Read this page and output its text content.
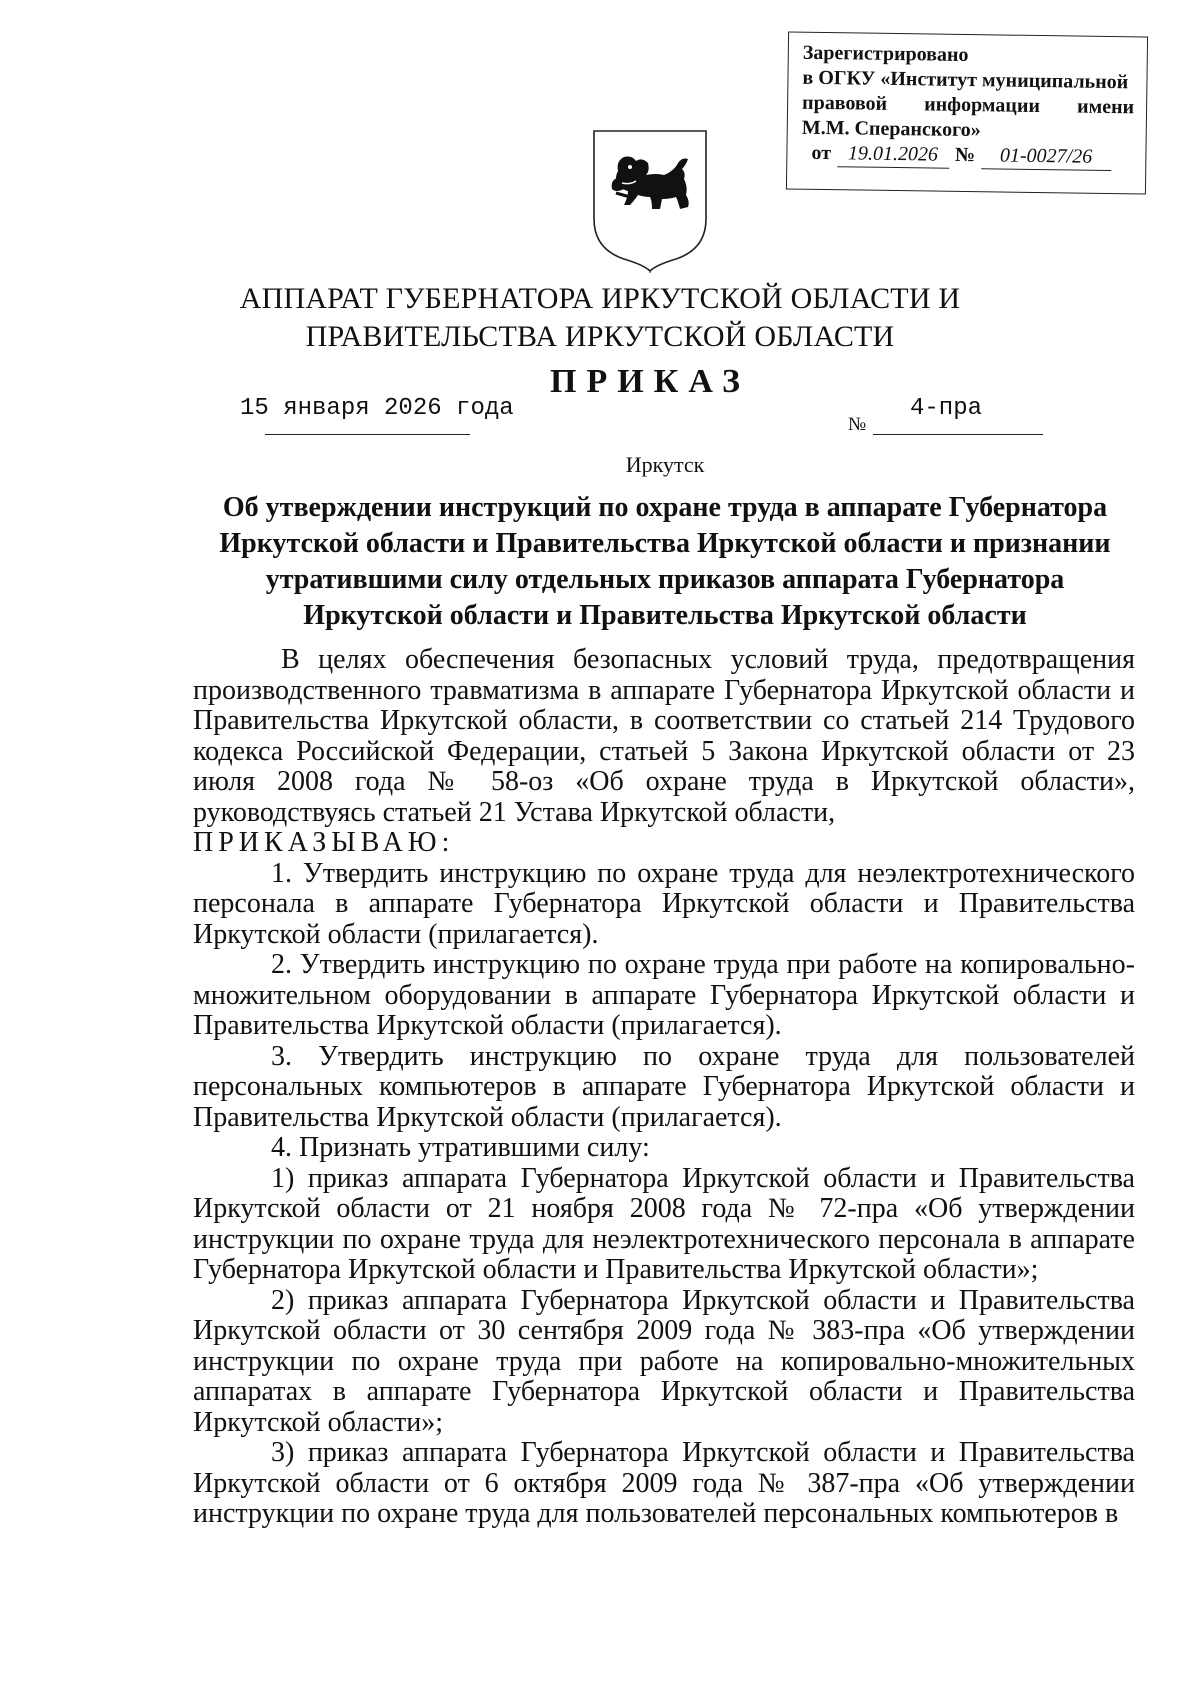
Зарегистрировано
в ОГКУ «Институт муниципальной
правовой информации имени
М.М. Сперанского»
от 19.01.2026 №	01-0027/26
АППАРАТ ГУБЕРНАТОРА ИРКУТСКОЙ ОБЛАСТИ И
ПРАВИТЕЛЬСТВА ИРКУТСКОЙ ОБЛАСТИ
ПРИКАЗ
15 января 2026 года
№
4-пра
Иркутск
Об утверждении инструкций по охране труда в аппарате Губернатора Иркутской области и Правительства Иркутской области и признании утратившими силу отдельных приказов аппарата Губернатора Иркутской области и Правительства Иркутской области

В целях обеспечения безопасных условий труда, предотвращения производственного травматизма в аппарате Губернатора Иркутской области и Правительства Иркутской области, в соответствии со статьей 214 Трудового кодекса Российской Федерации, статьей 5 Закона Иркутской области от 23 июля 2008 года № 58-оз «Об охране труда в Иркутской области», руководствуясь статьей 21 Устава Иркутской области,

ПРИКАЗЫВАЮ:

1. Утвердить инструкцию по охране труда для неэлектротехнического персонала в аппарате Губернатора Иркутской области и Правительства Иркутской области (прилагается).

2. Утвердить инструкцию по охране труда при работе на копировально-множительном оборудовании в аппарате Губернатора Иркутской области и Правительства Иркутской области (прилагается).

3. Утвердить инструкцию по охране труда для пользователей персональных компьютеров в аппарате Губернатора Иркутской области и Правительства Иркутской области (прилагается).

4. Признать утратившими силу:

1) приказ аппарата Губернатора Иркутской области и Правительства Иркутской области от 21 ноября 2008 года № 72-пра «Об утверждении инструкции по охране труда для неэлектротехнического персонала в аппарате Губернатора Иркутской области и Правительства Иркутской области»;

2) приказ аппарата Губернатора Иркутской области и Правительства Иркутской области от 30 сентября 2009 года № 383-пра «Об утверждении инструкции по охране труда при работе на копировально-множительных аппаратах в аппарате Губернатора Иркутской области и Правительства Иркутской области»;

3) приказ аппарата Губернатора Иркутской области и Правительства Иркутской области от 6 октября 2009 года № 387-пра «Об утверждении инструкции по охране труда для пользователей персональных компьютеров в
